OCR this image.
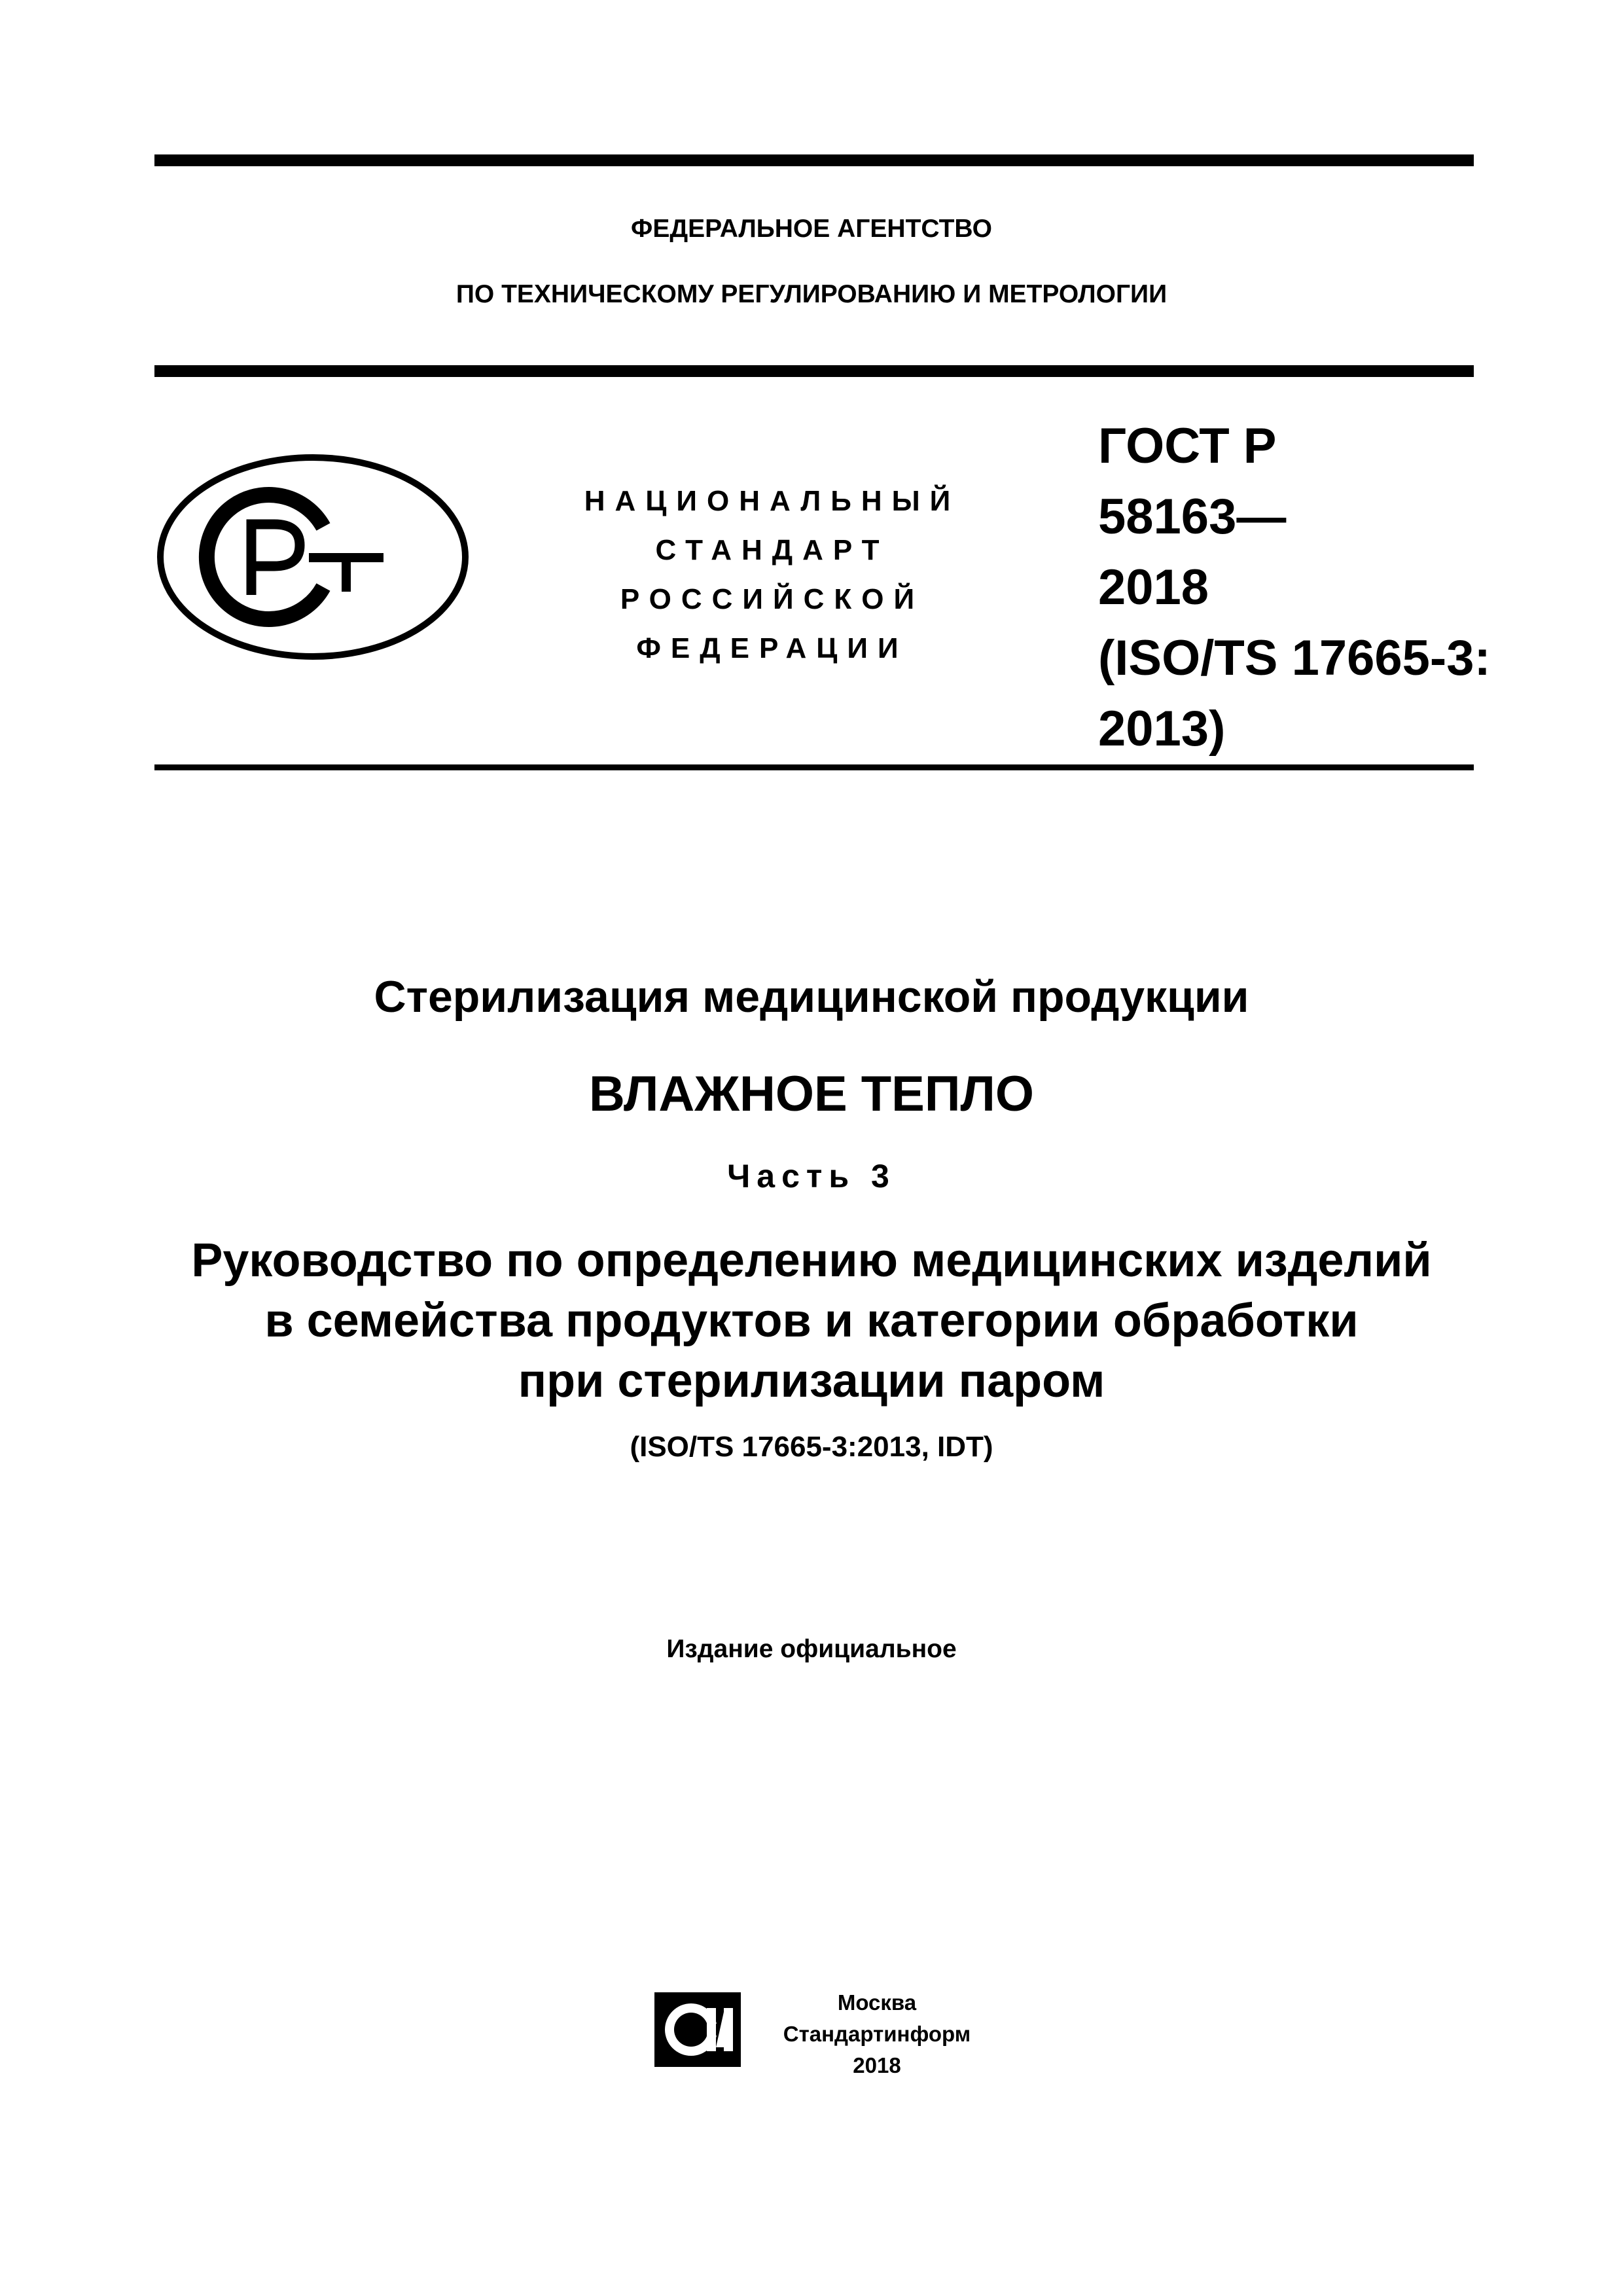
ФЕДЕРАЛЬНОЕ АГЕНТСТВО
ПО ТЕХНИЧЕСКОМУ РЕГУЛИРОВАНИЮ И МЕТРОЛОГИИ
НАЦИОНАЛЬНЫЙ
СТАНДАРТ
РОССИЙСКОЙ
ФЕДЕРАЦИИ
ГОСТ Р
58163—
2018
(ISO/TS 17665-3:
2013)
Стерилизация медицинской продукции
ВЛАЖНОЕ ТЕПЛО
Часть 3
Руководство по определению медицинских изделий
в семейства продуктов и категории обработки
при стерилизации паром
(ISO/TS 17665-3:2013, IDT)
Издание официальное
Москва
Стандартинформ
2018
